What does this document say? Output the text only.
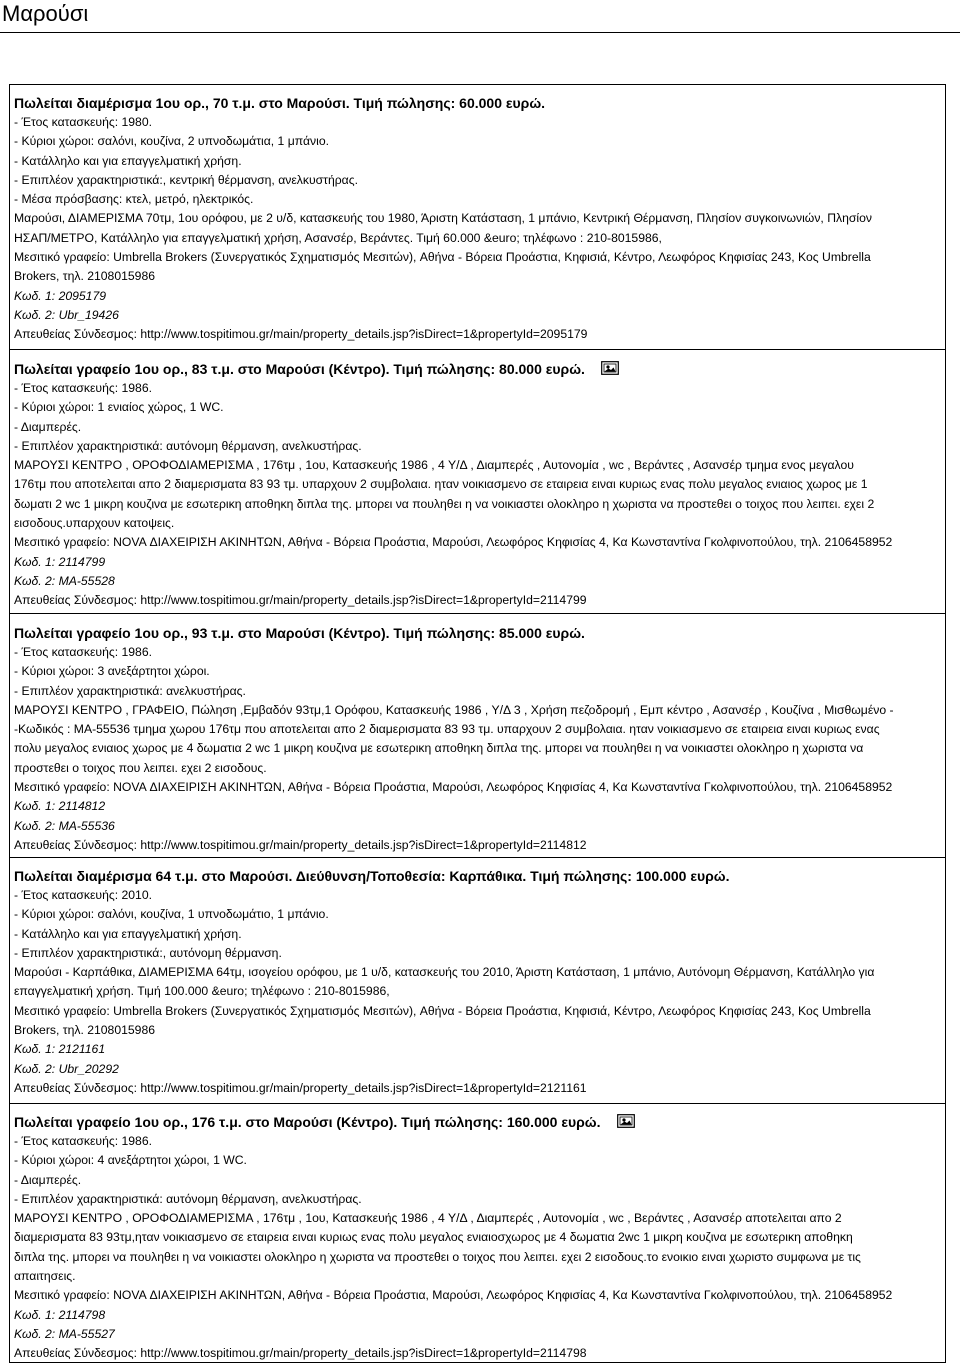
Μαρούσι
Πωλείται διαμέρισμα 1ου ορ., 70 τ.μ. στο Μαρούσι. Τιμή πώλησης: 60.000 ευρώ.
- Έτος κατασκευής: 1980.
- Κύριοι χώροι: σαλόνι, κουζίνα, 2 υπνοδωμάτια, 1 μπάνιο.
- Κατάλληλο και για επαγγελματική χρήση.
- Επιπλέον χαρακτηριστικά:, κεντρική θέρμανση, ανελκυστήρας.
- Μέσα πρόσβασης: κτελ, μετρό, ηλεκτρικός.
Μαρούσι, ΔΙΑΜΕΡΙΣΜΑ 70τμ, 1ου ορόφου, με 2 υ/δ, κατασκευής του 1980, Άριστη Κατάσταση, 1 μπάνιο, Κεντρική Θέρμανση, Πλησίον συγκοινωνιών, Πλησίον
ΗΣΑΠ/ΜΕΤΡΟ, Κατάλληλο για επαγγελματική χρήση, Ασανσέρ, Βεράντες. Τιμή 60.000 &euro; τηλέφωνο : 210-8015986,
Μεσιτικό γραφείο: Umbrella Brokers (Συνεργατικός Σχηματισμός Μεσιτών), Αθήνα - Βόρεια Προάστια, Κηφισιά, Κέντρο, Λεωφόρος Κηφισίας 243, Κος Umbrella
Brokers, τηλ. 2108015986
Κωδ. 1: 2095179
Κωδ. 2: Ubr_19426
Απευθείας Σύνδεσμος: http://www.tospitimou.gr/main/property_details.jsp?isDirect=1&propertyId=2095179
Πωλείται γραφείο 1ου ορ., 83 τ.μ. στο Μαρούσι (Κέντρο). Τιμή πώλησης: 80.000 ευρώ.
- Έτος κατασκευής: 1986.
- Κύριοι χώροι: 1 ενιαίος χώρος, 1 WC.
- Διαμπερές.
- Επιπλέον χαρακτηριστικά: αυτόνομη θέρμανση, ανελκυστήρας.
ΜΑΡΟΥΣΙ ΚΕΝΤΡΟ , ΟΡΟΦΟΔΙΑΜΕΡΙΣΜΑ , 176τμ , 1ου, Κατασκευής 1986 , 4 Υ/Δ , Διαμπερές , Αυτονομία , wc , Βεράντες , Ασανσέρ τμημα ενος μεγαλου
176τμ που αποτελειται απο 2 διαμερισματα 83 93 τμ. υπαρχουν 2 συμβολαια. ηταν νοικιασμενο σε εταιρεια ειναι κυριως ενας πολυ μεγαλος ενιαιος χωρος με 1
δωματι 2 wc 1 μικρη κουζινα με εσωτερικη αποθηκη διπλα της. μπορει να πουληθει η να νοικιαστει ολοκληρο η χωριστα να προστεθει ο τοιχος που λειπει. εχει 2
εισοδους.υπαρχουν κατοψεις.
Μεσιτικό γραφείο: NOVA ΔΙΑΧΕΙΡΙΣΗ ΑΚΙΝΗΤΩΝ, Αθήνα - Βόρεια Προάστια, Μαρούσι, Λεωφόρος Κηφισίας 4, Κα Κωνσταντίνα Γκολφινοπούλου, τηλ. 2106458952
Κωδ. 1: 2114799
Κωδ. 2: ΜΑ-55528
Απευθείας Σύνδεσμος: http://www.tospitimou.gr/main/property_details.jsp?isDirect=1&propertyId=2114799
Πωλείται γραφείο 1ου ορ., 93 τ.μ. στο Μαρούσι (Κέντρο). Τιμή πώλησης: 85.000 ευρώ.
- Έτος κατασκευής: 1986.
- Κύριοι χώροι: 3 ανεξάρτητοι χώροι.
- Επιπλέον χαρακτηριστικά: ανελκυστήρας.
ΜΑΡΟΥΣΙ ΚΕΝΤΡΟ , ΓΡΑΦΕΙΟ, Πώληση ,Εμβαδόν 93τμ,1 Ορόφου, Κατασκευής 1986 , Υ/Δ 3 , Χρήση πεζοδρομή , Εμπ κέντρο , Ασανσέρ , Κουζίνα , Μισθωμένο -
-Κωδικός : ΜΑ-55536 τμημα χωρου 176τμ που αποτελειται απο 2 διαμερισματα 83 93 τμ. υπαρχουν 2 συμβολαια. ηταν νοικιασμενο σε εταιρεια ειναι κυριως ενας
πολυ μεγαλος ενιαιος χωρος με 4 δωματια 2 wc 1 μικρη κουζινα με εσωτερικη αποθηκη διπλα της. μπορει να πουληθει η να νοικιαστει ολοκληρο η χωριστα να
προστεθει ο τοιχος που λειπει. εχει 2 εισοδους.
Μεσιτικό γραφείο: NOVA ΔΙΑΧΕΙΡΙΣΗ ΑΚΙΝΗΤΩΝ, Αθήνα - Βόρεια Προάστια, Μαρούσι, Λεωφόρος Κηφισίας 4, Κα Κωνσταντίνα Γκολφινοπούλου, τηλ. 2106458952
Κωδ. 1: 2114812
Κωδ. 2: ΜΑ-55536
Απευθείας Σύνδεσμος: http://www.tospitimou.gr/main/property_details.jsp?isDirect=1&propertyId=2114812
Πωλείται διαμέρισμα 64 τ.μ. στο Μαρούσι. Διεύθυνση/Τοποθεσία: Καρπάθικα. Τιμή πώλησης: 100.000 ευρώ.
- Έτος κατασκευής: 2010.
- Κύριοι χώροι: σαλόνι, κουζίνα, 1 υπνοδωμάτιο, 1 μπάνιο.
- Κατάλληλο και για επαγγελματική χρήση.
- Επιπλέον χαρακτηριστικά:, αυτόνομη θέρμανση.
Μαρούσι - Καρπάθικα, ΔΙΑΜΕΡΙΣΜΑ 64τμ, ισογείου ορόφου, με 1 υ/δ, κατασκευής του 2010, Άριστη Κατάσταση, 1 μπάνιο, Αυτόνομη Θέρμανση, Κατάλληλο για
επαγγελματική χρήση. Τιμή 100.000 &euro; τηλέφωνο : 210-8015986,
Μεσιτικό γραφείο: Umbrella Brokers (Συνεργατικός Σχηματισμός Μεσιτών), Αθήνα - Βόρεια Προάστια, Κηφισιά, Κέντρο, Λεωφόρος Κηφισίας 243, Κος Umbrella
Brokers, τηλ. 2108015986
Κωδ. 1: 2121161
Κωδ. 2: Ubr_20292
Απευθείας Σύνδεσμος: http://www.tospitimou.gr/main/property_details.jsp?isDirect=1&propertyId=2121161
Πωλείται γραφείο 1ου ορ., 176 τ.μ. στο Μαρούσι (Κέντρο). Τιμή πώλησης: 160.000 ευρώ.
- Έτος κατασκευής: 1986.
- Κύριοι χώροι: 4 ανεξάρτητοι χώροι, 1 WC.
- Διαμπερές.
- Επιπλέον χαρακτηριστικά: αυτόνομη θέρμανση, ανελκυστήρας.
ΜΑΡΟΥΣΙ ΚΕΝΤΡΟ , ΟΡΟΦΟΔΙΑΜΕΡΙΣΜΑ , 176τμ , 1ου, Κατασκευής 1986 , 4 Υ/Δ , Διαμπερές , Αυτονομία , wc , Βεράντες , Ασανσέρ αποτελειται απο 2
διαμερισματα 83 93τμ,ηταν νοικιασμενο σε εταιρεια ειναι κυριως ενας πολυ μεγαλος ενιαιοσχωρος με 4 δωματια 2wc 1 μικρη κουζινα με εσωτερικη αποθηκη
διπλα της. μπορει να πουληθει η να νοικιαστει ολοκληρο η χωριστα να προστεθει ο τοιχος που λειπει. εχει 2 εισοδους.το ενοικιο ειναι χωριστο συμφωνα με τις
απαιτησεις.
Μεσιτικό γραφείο: NOVA ΔΙΑΧΕΙΡΙΣΗ ΑΚΙΝΗΤΩΝ, Αθήνα - Βόρεια Προάστια, Μαρούσι, Λεωφόρος Κηφισίας 4, Κα Κωνσταντίνα Γκολφινοπούλου, τηλ. 2106458952
Κωδ. 1: 2114798
Κωδ. 2: ΜΑ-55527
Απευθείας Σύνδεσμος: http://www.tospitimou.gr/main/property_details.jsp?isDirect=1&propertyId=2114798
